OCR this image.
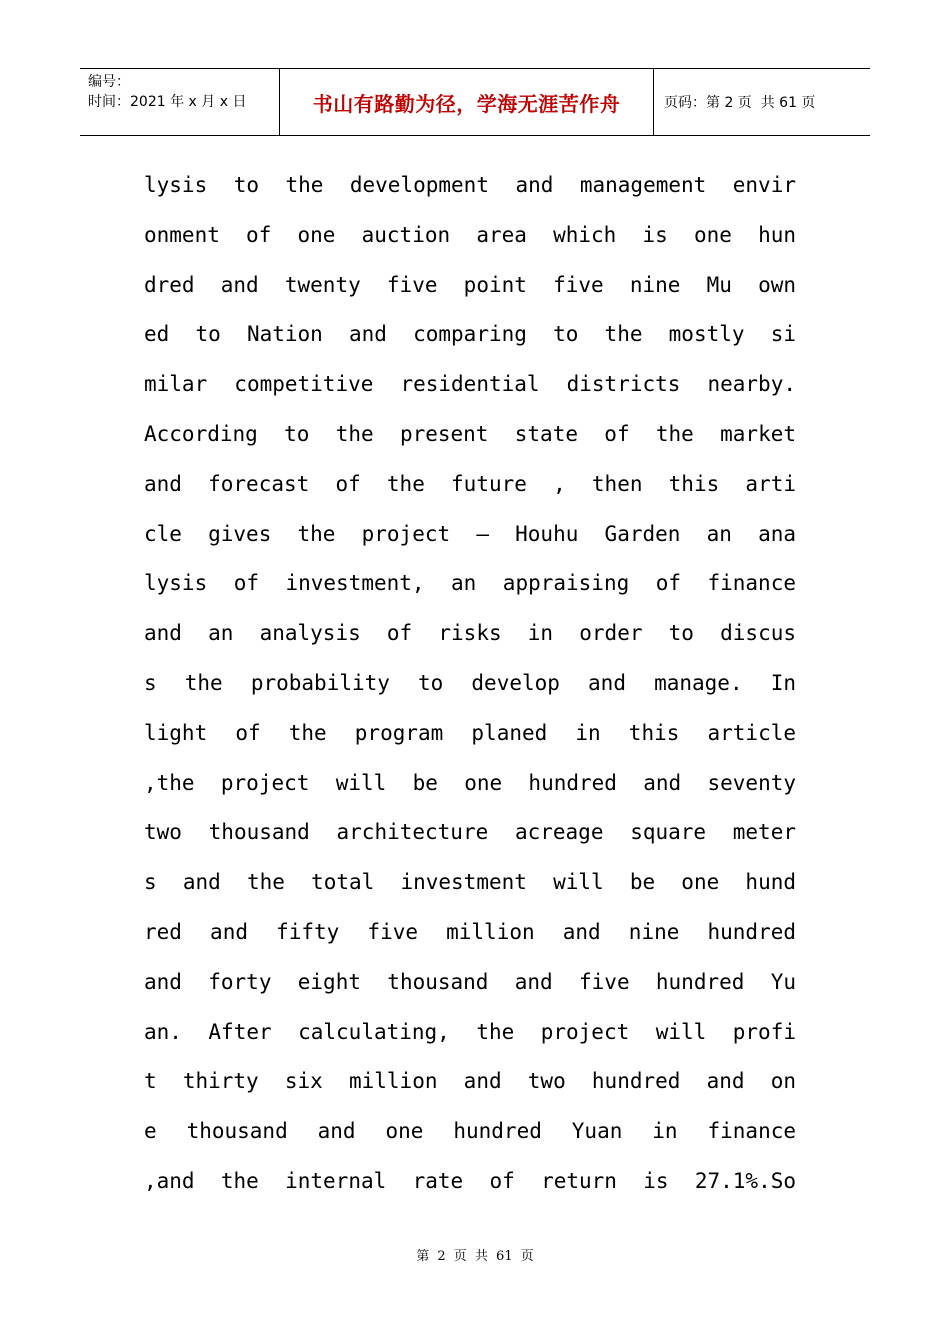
编号：
时间：2021 年 x 月 x 日	书山有路勤为径，学海无涯苦作舟	页码：第 2 页  共 61 页
lysis to the development and management envir
onment of one auction area which is one hun
dred and twenty five point five nine Mu own
ed to Nation and comparing to the mostly si
milar competitive residential districts nearby.
According to the present state of the market
and forecast of the future , then this arti
cle gives the project – Houhu Garden an ana
lysis of investment, an appraising of finance
and an analysis of risks in order to discus
s the probability to develop and manage. In
light of the program planed in this article
,the project will be one hundred and seventy
two thousand architecture acreage square meter
s and the total investment will be one hund
red and fifty five million and nine hundred
and forty eight thousand and five hundred Yu
an. After calculating, the project will profi
t thirty six million and two hundred and on
e thousand and one hundred Yuan in finance
,and the internal rate of return is 27.1%.So
第 2 页 共 61 页
